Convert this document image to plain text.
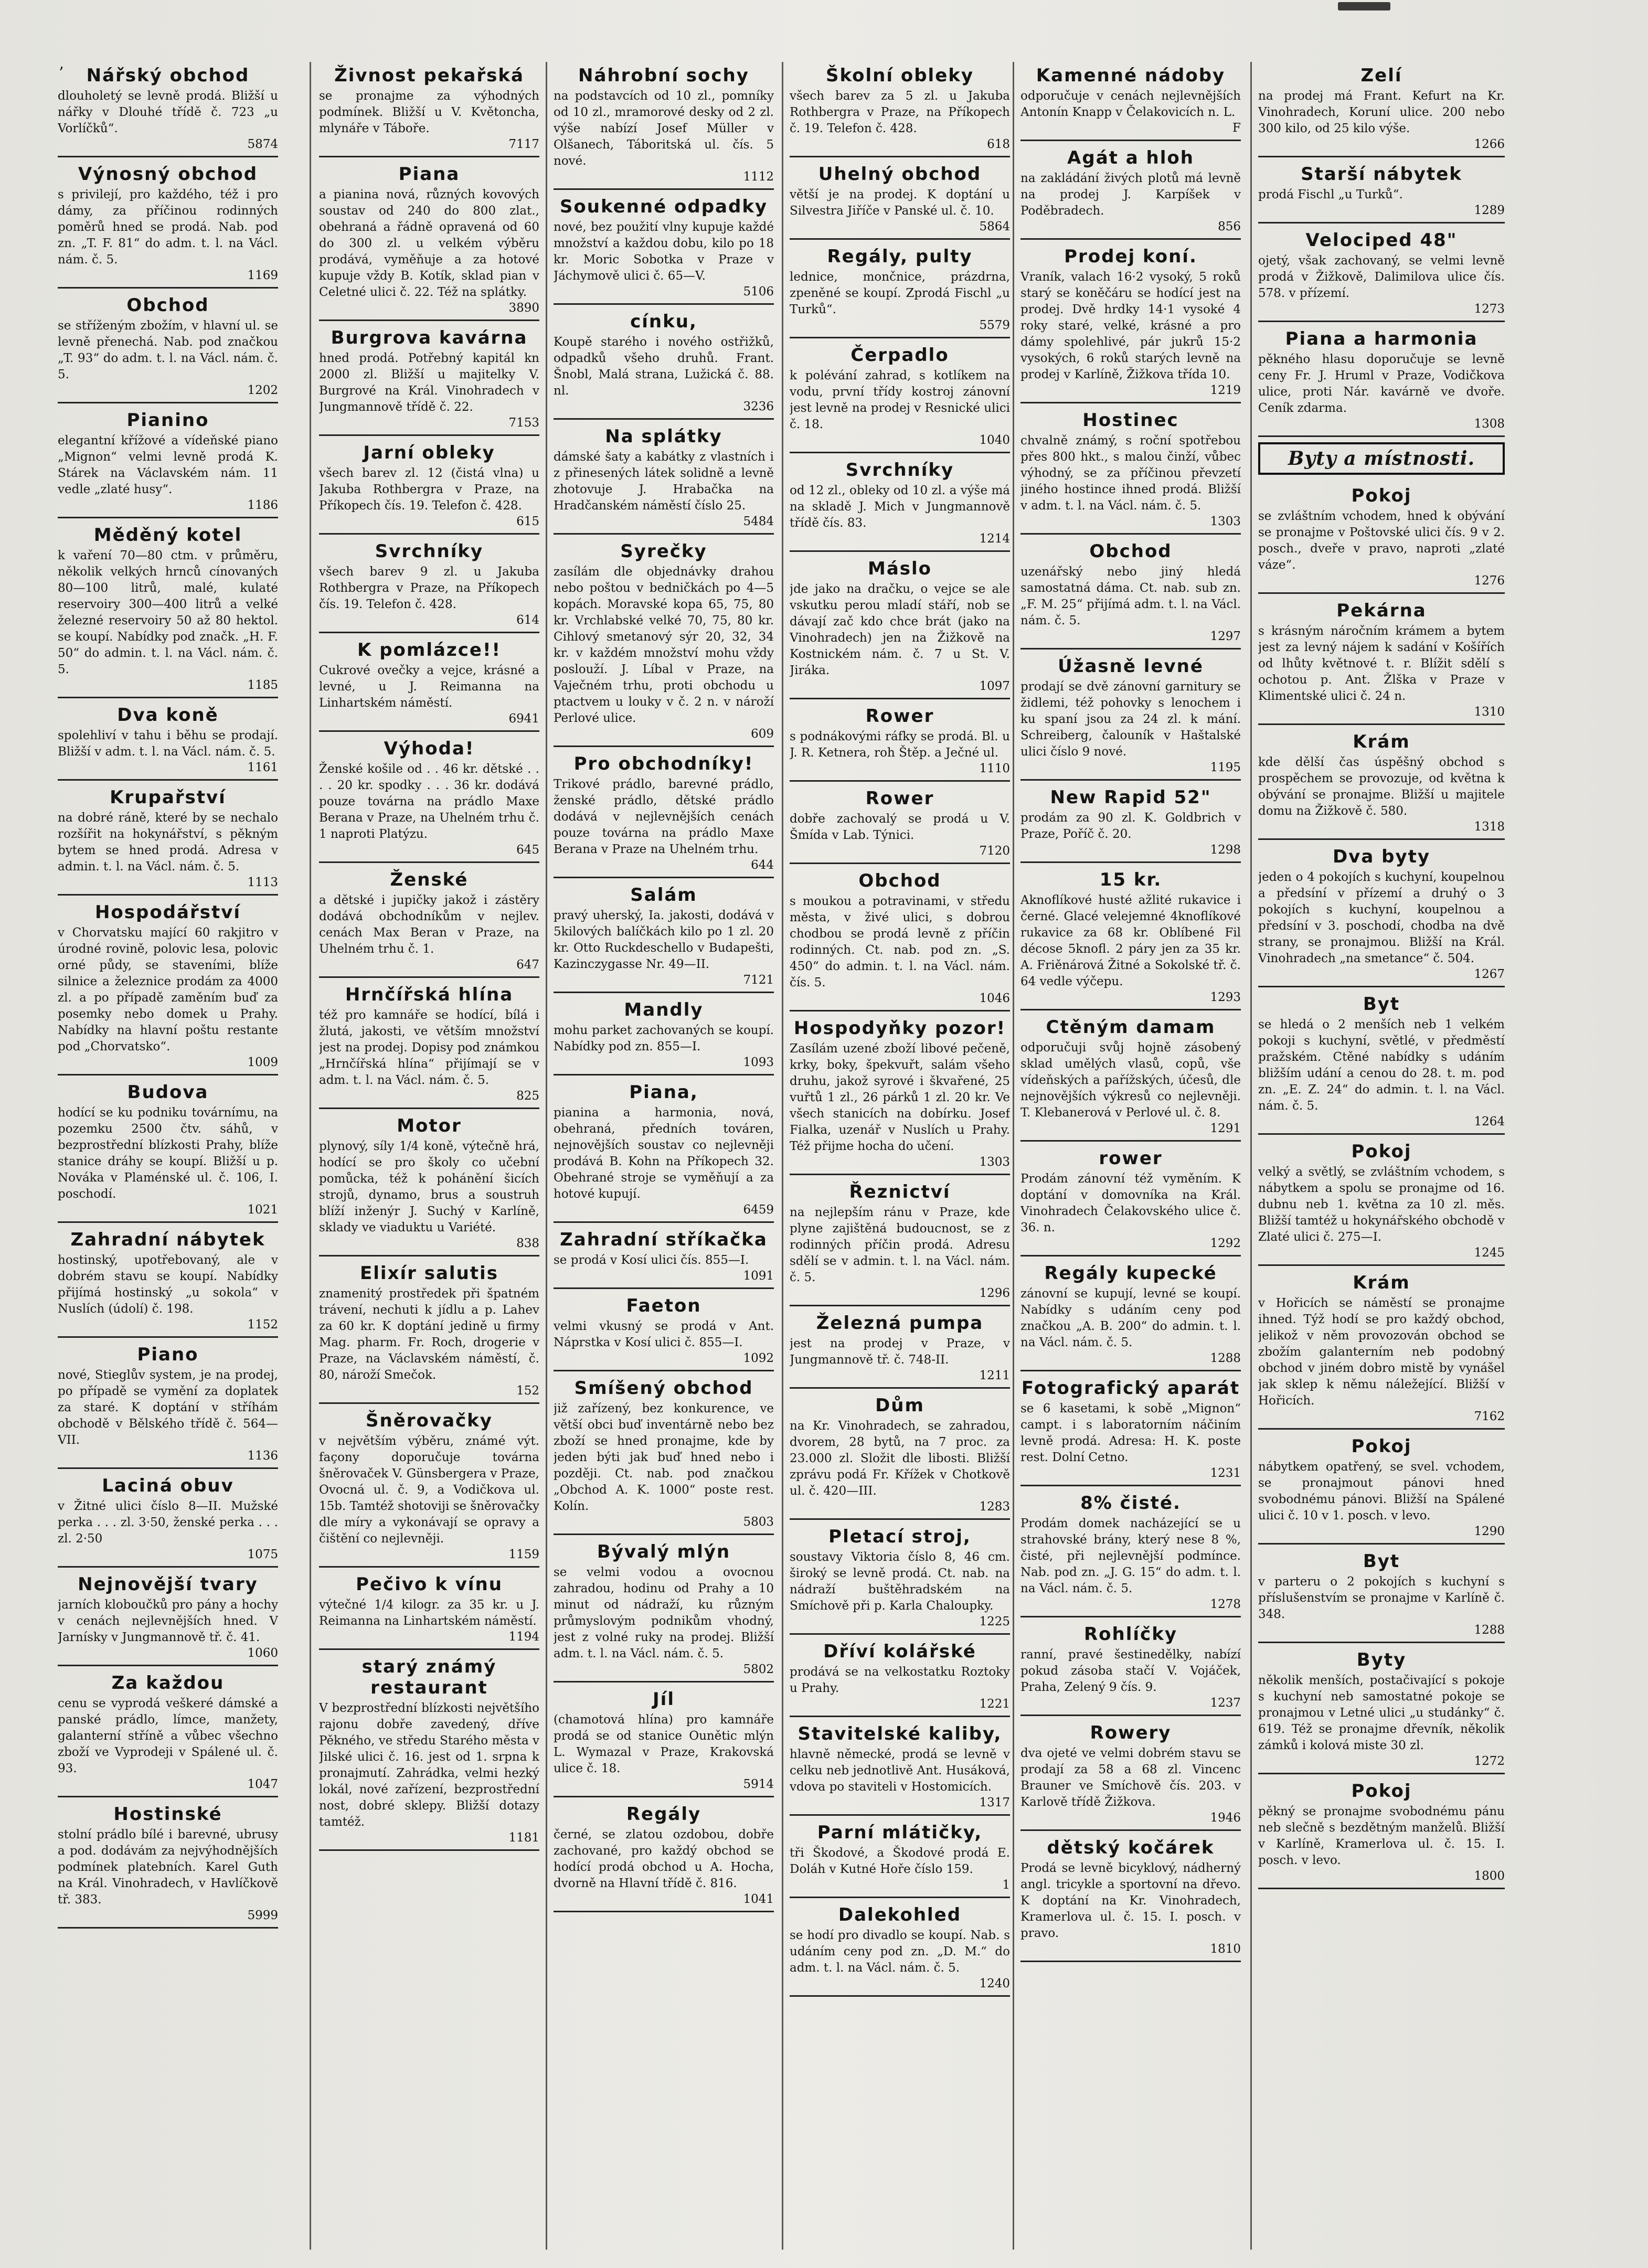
’	Nářský obchod
dlouholetý se levně prodá. Bližší u nářky v Dlouhé třídě č. 723 „u Vorlíčků“.
5874
Výnosný obchod
s privilejí, pro každého, též i pro dámy, za příčinou rodinných poměrů hned se prodá. Nab. pod zn. „T. F. 81“ do adm. t. l. na Václ. nám. č. 5.
1169
Obchod
se stříženým zbožím, v hlavní ul. se levně přenechá. Nab. pod značkou „T. 93“ do adm. t. l. na Václ. nám. č. 5.
1202
Pianino
elegantní křížové a vídeňské piano „Mignon“ velmi levně prodá K. Stárek na Václavském nám. 11 vedle „zlaté husy“.
1186
Měděný kotel
k vaření 70—80 ctm. v průměru, několik velkých hrnců cínovaných 80—100 litrů, malé, kulaté reservoiry 300—400 litrů a velké železné reservoiry 50 až 80 hektol. se koupí. Nabídky pod značk. „H. F. 50“ do admin. t. l. na Václ. nám. č. 5.
1185
Dva koně
spolehliví v tahu i běhu se prodají. Bližší v adm. t. l. na Václ. nám. č. 5.
1161
Krupařství
na dobré ráně, které by se nechalo rozšířit na hokynářství, s pěkným bytem se hned prodá. Adresa v admin. t. l. na Václ. nám. č. 5.
1113
Hospodářství
v Chorvatsku mající 60 rakjitro v úrodné rovině, polovic lesa, polovic orné půdy, se staveními, blíže silnice a železnice prodám za 4000 zl. a po případě zaměním buď za posemky nebo domek u Prahy. Nabídky na hlavní poštu restante pod „Chorvatsko“.
1009
Budova
hodící se ku podniku továrnímu, na pozemku 2500 čtv. sáhů, v bezprostřední blízkosti Prahy, blíže stanice dráhy se koupí. Bližší u p. Nováka v Plaménské ul. č. 106, I. poschodí.
1021
Zahradní nábytek
hostinský, upotřebovaný, ale v dobrém stavu se koupí. Nabídky přijímá hostinský „u sokola“ v Nuslích (údolí) č. 198.
1152
Piano
nové, Stieglův system, je na prodej, po případě se vymění za doplatek za staré. K doptání v stříhám obchodě v Bělského třídě č. 564—VII.
1136
Laciná obuv
v Žitné ulici číslo 8—II. Mužské perka . . . zl. 3·50, ženské perka . . . zl. 2·50
1075
Nejnovější tvary
jarních kloboučků pro pány a hochy v cenách nejlevnějších hned. V Jarnísky v Jungmannově tř. č. 41.
1060
Za každou
cenu se vyprodá veškeré dámské a panské prádlo, límce, manžety, galanterní stříně a vůbec všechno zboží ve Vyprodeji v Spálené ul. č. 93.
1047
Hostinské
stolní prádlo bílé i barevné, ubrusy a pod. dodávám za nejvýhodnějších podmínek platebních. Karel Guth na Král. Vinohradech, v Havlíčkově tř. 383.
5999
Živnost pekařská
se pronajme za výhodných podmínek. Bližší u V. Květoncha, mlynáře v Táboře.
7117
Piana
a pianina nová, různých kovových soustav od 240 do 800 zlat., obehraná a řádně opravená od 60 do 300 zl. u velkém výběru prodává, vyměňuje a za hotové kupuje vždy B. Kotík, sklad pian v Celetné ulici č. 22. Též na splátky.
3890
Burgrova kavárna
hned prodá. Potřebný kapitál kn 2000 zl. Bližší u majitelky V. Burgrové na Král. Vinohradech v Jungmannově třídě č. 22.
7153
Jarní obleky
všech barev zl. 12 (čistá vlna) u Jakuba Rothbergra v Praze, na Příkopech čís. 19. Telefon č. 428.
615
Svrchníky
všech barev 9 zl. u Jakuba Rothbergra v Praze, na Příkopech čís. 19. Telefon č. 428.
614
K pomlázce!!
Cukrové ovečky a vejce, krásné a levné, u J. Reimanna na Linhartském náměstí.
6941
Výhoda!
Ženské košile od . . 46 kr. dětské . . . . 20 kr. spodky . . . 36 kr. dodává pouze továrna na prádlo Maxe Berana v Praze, na Uhelném trhu č. 1 naproti Platýzu.
645
Ženské
a dětské i jupičky jakož i zástěry dodává obchodníkům v nejlev. cenách Max Beran v Praze, na Uhelném trhu č. 1.
647
Hrnčířská hlína
též pro kamnáře se hodící, bílá i žlutá, jakosti, ve větším množství jest na prodej. Dopisy pod známkou „Hrnčířská hlína“ přijímají se v adm. t. l. na Václ. nám. č. 5.
825
Motor
plynový, síly 1/4 koně, výtečně hrá, hodící se pro školy co učební pomůcka, též k pohánění šicích strojů, dynamo, brus a soustruh blíží inženýr J. Suchý v Karlíně, sklady ve viaduktu u Variété.
838
Elixír salutis
znamenitý prostředek při špatném trávení, nechuti k jídlu a p. Lahev za 60 kr. K doptání jedině u firmy Mag. pharm. Fr. Roch, drogerie v Praze, na Václavském náměstí, č. 80, nároží Smečok.
152
Šněrovačky
v největším výběru, známé výt. façony doporučuje továrna šněrovaček V. Günsbergera v Praze, Ovocná ul. č. 9, a Vodičkova ul. 15b. Tamtéž shotoviji se šněrovačky dle míry a vykonávají se opravy a čištění co nejlevněji.
1159
Pečivo k vínu
výtečné 1/4 kilogr. za 35 kr. u J. Reimanna na Linhartském náměstí.
1194
starý známý restaurant
V bezprostřední blízkosti největšího rajonu dobře zavedený, dříve Pěkného, ve středu Starého města v Jilské ulici č. 16. jest od 1. srpna k pronajmutí. Zahrádka, velmi hezký lokál, nové zařízení, bezprostřední nost, dobré sklepy. Bližší dotazy tamtéž.
1181
Náhrobní sochy
na podstavcích od 10 zl., pomníky od 10 zl., mramorové desky od 2 zl. výše nabízí Josef Müller v Olšanech, Táboritská ul. čís. 5 nové.
1112
Soukenné odpadky
nové, bez použití vlny kupuje každé množství a každou dobu, kilo po 18 kr. Moric Sobotka v Praze v Jáchymově ulici č. 65—V.
5106
cínku,
Koupě starého i nového ostřižků, odpadků všeho druhů. Frant. Šnobl, Malá strana, Lužická č. 88. nl.
3236
Na splátky
dámské šaty a kabátky z vlastních i z přinesených látek solidně a levně zhotovuje J. Hrabačka na Hradčanském náměstí číslo 25.
5484
Syrečky
zasílám dle objednávky drahou nebo poštou v bedničkách po 4—5 kopách. Moravské kopa 65, 75, 80 kr. Vrchlabské velké 70, 75, 80 kr. Cihlový smetanový sýr 20, 32, 34 kr. v každém množství mohu vždy poslouží. J. Líbal v Praze, na Vaječném trhu, proti obchodu u ptactvem u louky v č. 2 n. v nároží Perlové ulice.
609
Pro obchodníky!
Trikové prádlo, barevné prádlo, ženské prádlo, dětské prádlo dodává v nejlevnějších cenách pouze továrna na prádlo Maxe Berana v Praze na Uhelném trhu.
644
Salám
pravý uherský, Ia. jakosti, dodává v 5kilových balíčkách kilo po 1 zl. 20 kr. Otto Ruckdeschello v Budapešti, Kazinczygasse Nr. 49—II.
7121
Mandly
mohu parket zachovaných se koupí. Nabídky pod zn. 855—I.
1093
Piana,
pianina a harmonia, nová, obehraná, předních továren, nejnovějších soustav co nejlevněji prodává B. Kohn na Příkopech 32. Obehrané stroje se vyměňují a za hotové kupují.
6459
Zahradní stříkačka
se prodá v Kosí ulici čís. 855—I.
1091
Faeton
velmi vkusný se prodá v Ant. Náprstka v Kosí ulici č. 855—I.
1092
Smíšený obchod
již zařízený, bez konkurence, ve větší obci buď inventárně nebo bez zboží se hned pronajme, kde by jeden býti jak buď hned nebo i později. Ct. nab. pod značkou „Obchod A. K. 1000“ poste rest. Kolín.
5803
Bývalý mlýn
se velmi vodou a ovocnou zahradou, hodinu od Prahy a 10 minut od nádraží, ku různým průmyslovým podnikům vhodný, jest z volné ruky na prodej. Bližší adm. t. l. na Václ. nám. č. 5.
5802
Jíl
(chamotová hlína) pro kamnáře prodá se od stanice Ounětic mlýn L. Wymazal v Praze, Krakovská ulice č. 18.
5914
Regály
černé, se zlatou ozdobou, dobře zachované, pro každý obchod se hodící prodá obchod u A. Hocha, dvorně na Hlavní třídě č. 816.
1041
Školní obleky
všech barev za 5 zl. u Jakuba Rothbergra v Praze, na Příkopech č. 19. Telefon č. 428.
618
Uhelný obchod
větší je na prodej. K doptání u Silvestra Jiříče v Panské ul. č. 10.
5864
Regály, pulty
lednice, mončnice, prázdrna, zpeněné se koupí. Zprodá Fischl „u Turků“.
5579
Čerpadlo
k polévání zahrad, s kotlíkem na vodu, první třídy kostroj zánovní jest levně na prodej v Resnické ulici č. 18.
1040
Svrchníky
od 12 zl., obleky od 10 zl. a výše má na skladě J. Mich v Jungmannově třídě čís. 83.
1214
Máslo
jde jako na dračku, o vejce se ale vskutku perou mladí stáří, nob se dávají zač kdo chce brát (jako na Vinohradech) jen na Žižkově na Kostnickém nám. č. 7 u St. V. Jiráka.
1097
Rower
s podnákovými ráfky se prodá. Bl. u J. R. Ketnera, roh Štěp. a Ječné ul.
1110
Rower
dobře zachovalý se prodá u V. Šmída v Lab. Týnici.
7120
Obchod
s moukou a potravinami, v středu města, v živé ulici, s dobrou chodbou se prodá levně z příčin rodinných. Ct. nab. pod zn. „S. 450“ do admin. t. l. na Václ. nám. čís. 5.
1046
Hospodyňky pozor!
Zasílám uzené zboží libové pečeně, krky, boky, špekvuřt, salám všeho druhu, jakož syrové i škvařené, 25 vuřtů 1 zl., 26 párků 1 zl. 20 kr. Ve všech stanicích na dobírku. Josef Fialka, uzenář v Nuslích u Prahy. Též přijme hocha do učení.
1303
Řeznictví
na nejlepším ránu v Praze, kde plyne zajištěná budoucnost, se z rodinných příčin prodá. Adresu sdělí se v admin. t. l. na Václ. nám. č. 5.
1296
Železná pumpa
jest na prodej v Praze, v Jungmannově tř. č. 748-II.
1211
Dům
na Kr. Vinohradech, se zahradou, dvorem, 28 bytů, na 7 proc. za 23.000 zl. Složit dle libosti. Bližší zprávu podá Fr. Křížek v Chotkově ul. č. 420—III.
1283
Pletací stroj,
soustavy Viktoria číslo 8, 46 cm. široký se levně prodá. Ct. nab. na nádraží buštěhradském na Smíchově při p. Karla Chaloupky.
1225
Dříví kolářské
prodává se na velkostatku Roztoky u Prahy.
1221
Stavitelské kaliby,
hlavně německé, prodá se levně v celku neb jednotlivě Ant. Husáková, vdova po staviteli v Hostomicích.
1317
Parní mlátičky,
tři Škodové, a Škodové prodá E. Doláh v Kutné Hoře číslo 159.
1
Dalekohled
se hodí pro divadlo se koupí. Nab. s udáním ceny pod zn. „D. M.“ do adm. t. l. na Václ. nám. č. 5.
1240
Kamenné nádoby
odporučuje v cenách nejlevnějších Antonín Knapp v Čelakovicích n. L.
F
Agát a hloh
na zakládání živých plotů má levně na prodej J. Karpíšek v Poděbradech.
856
Prodej koní.
Vraník, valach 16·2 vysoký, 5 roků starý se koněčáru se hodící jest na prodej. Dvě hrdky 14·1 vysoké 4 roky staré, velké, krásné a pro dámy spolehlivé, pár jukrů 15·2 vysokých, 6 roků starých levně na prodej v Karlíně, Žižkova třída 10.
1219
Hostinec
chvalně známý, s roční spotřebou přes 800 hkt., s malou činží, vůbec výhodný, se za příčinou převzetí jiného hostince ihned prodá. Bližší v adm. t. l. na Václ. nám. č. 5.
1303
Obchod
uzenářský nebo jiný hledá samostatná dáma. Ct. nab. sub zn. „F. M. 25“ přijímá adm. t. l. na Václ. nám. č. 5.
1297
Úžasně levné
prodají se dvě zánovní garnitury se židlemi, též pohovky s lenochem i ku spaní jsou za 24 zl. k mání. Schreiberg, čalouník v Haštalské ulici číslo 9 nové.
1195
New Rapid 52"
prodám za 90 zl. K. Goldbrich v Praze, Poříč č. 20.
1298
15 kr.
Aknoflíkové husté ažlité rukavice i černé. Glacé velejemné 4knoflíkové rukavice za 68 kr. Oblíbené Fil décose 5knofl. 2 páry jen za 35 kr. A. Friěnárová Žitné a Sokolské tř. č. 64 vedle výčepu.
1293
Ctěným damam
odporučuji svůj hojně zásobený sklad umělých vlasů, copů, vše vídeňských a pařížských, účesů, dle nejnovějších výkresů co nejlevněji. T. Klebanerová v Perlové ul. č. 8.
1291
rower
Prodám zánovní též vyměním. K doptání v domovníka na Král. Vinohradech Čelakovského ulice č. 36. n.
1292
Regály kupecké
zánovní se kupují, levné se koupí. Nabídky s udáním ceny pod značkou „A. B. 200“ do admin. t. l. na Václ. nám. č. 5.
1288
Fotografický aparát
se 6 kasetami, k sobě „Mignon“ campt. i s laboratorním náčiním levně prodá. Adresa: H. K. poste rest. Dolní Cetno.
1231
8% čisté.
Prodám domek nacházející se u strahovské brány, který nese 8 %, čisté, při nejlevnější podmínce. Nab. pod zn. „J. G. 15“ do adm. t. l. na Václ. nám. č. 5.
1278
Rohlíčky
ranní, pravé šestinedělky, nabízí pokud zásoba stačí V. Vojáček, Praha, Zelený 9 čís. 9.
1237
Rowery
dva ojeté ve velmi dobrém stavu se prodají za 58 a 68 zl. Vincenc Brauner ve Smíchově čís. 203. v Karlově třídě Žižkova.
1946
dětský kočárek
Prodá se levně bicyklový, nádherný angl. tricykle a sportovní na dřevo. K doptání na Kr. Vinohradech, Kramerlova ul. č. 15. I. posch. v pravo.
1810
Zelí
na prodej má Frant. Kefurt na Kr. Vinohradech, Koruní ulice. 200 nebo 300 kilo, od 25 kilo výše.
1266
Starší nábytek
prodá Fischl „u Turků“.
1289
Velociped 48"
ojetý, však zachovaný, se velmi levně prodá v Žižkově, Dalimilova ulice čís. 578. v přízemí.
1273
Piana a harmonia
pěkného hlasu doporučuje se levně ceny Fr. J. Hruml v Praze, Vodičkova ulice, proti Nár. kavárně ve dvoře. Ceník zdarma.
1308
Byty a místnosti.
Pokoj
se zvláštním vchodem, hned k obývání se pronajme v Poštovské ulici čís. 9 v 2. posch., dveře v pravo, naproti „zlaté váze“.
1276
Pekárna
s krásným náročním krámem a bytem jest za levný nájem k sadání v Košířích od lhůty květnové t. r. Blížit sdělí s ochotou p. Ant. Žlška v Praze v Klimentské ulici č. 24 n.
1310
Krám
kde dělší čas úspěšný obchod s prospěchem se provozuje, od května k obývání se pronajme. Bližší u majitele domu na Žižkově č. 580.
1318
Dva byty
jeden o 4 pokojích s kuchyní, koupelnou a předsíní v přízemí a druhý o 3 pokojích s kuchyní, koupelnou a předsíní v 3. poschodí, chodba na dvě strany, se pronajmou. Bližší na Král. Vinohradech „na smetance“ č. 504.
1267
Byt
se hledá o 2 menších neb 1 velkém pokoji s kuchyní, světlé, v předměstí pražském. Ctěné nabídky s udáním bližším udání a cenou do 28. t. m. pod zn. „E. Z. 24“ do admin. t. l. na Václ. nám. č. 5.
1264
Pokoj
velký a světlý, se zvláštním vchodem, s nábytkem a spolu se pronajme od 16. dubnu neb 1. května za 10 zl. měs. Bližší tamtéž u hokynářského obchodě v Zlaté ulici č. 275—I.
1245
Krám
v Hořicích se náměstí se pronajme ihned. Týž hodí se pro každý obchod, jelikož v něm provozován obchod se zbožím galanterním neb podobný obchod v jiném dobro mistě by vynášel jak sklep k němu náležející. Bližší v Hořicích.
7162
Pokoj
nábytkem opatřený, se svel. vchodem, se pronajmout pánovi hned svobodnému pánovi. Bližší na Spálené ulici č. 10 v 1. posch. v levo.
1290
Byt
v parteru o 2 pokojích s kuchyní s příslušenstvím se pronajme v Karlíně č. 348.
1288
Byty
několik menších, postačivající s pokoje s kuchyní neb samostatné pokoje se pronajmou v Letné ulici „u studánky“ č. 619. Též se pronajme dřevník, několik zámků i kolová miste 30 zl.
1272
Pokoj
pěkný se pronajme svobodnému pánu neb slečně s bezdětným manželů. Bližší v Karlíně, Kramerlova ul. č. 15. I. posch. v levo.
1800
